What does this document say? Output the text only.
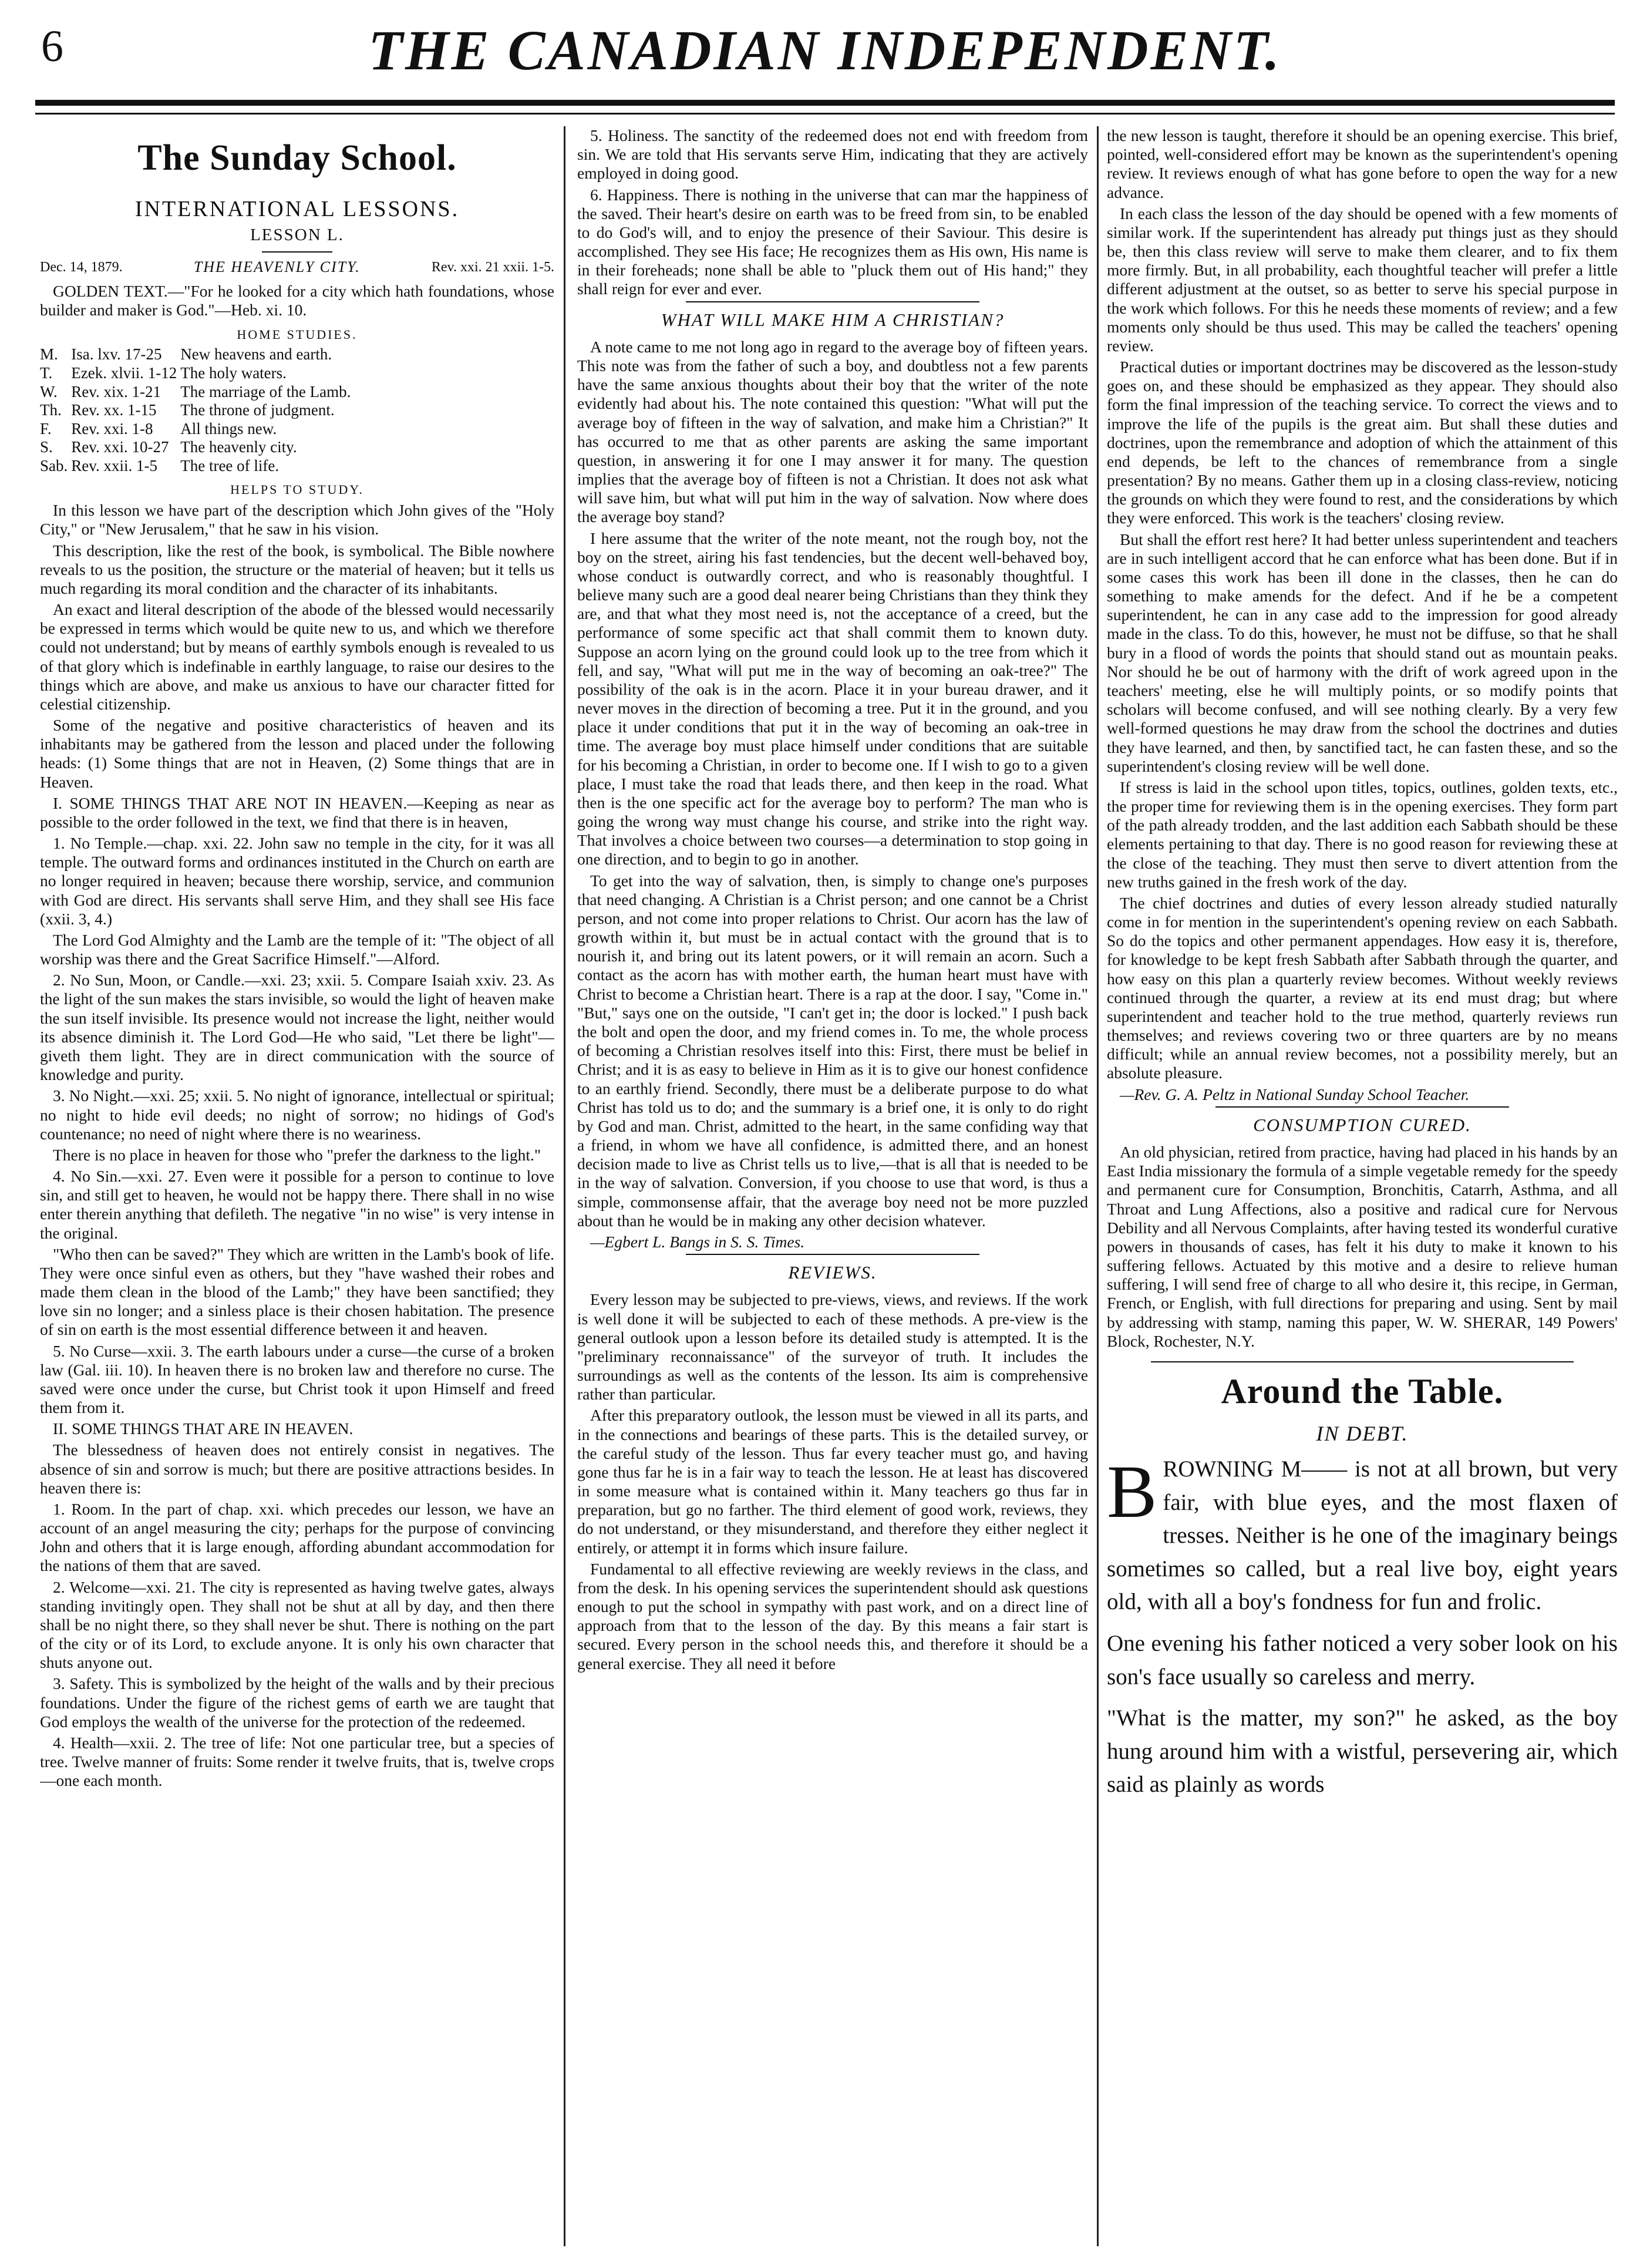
6	THE CANADIAN INDEPENDENT.
The Sunday School.
INTERNATIONAL LESSONS.
LESSON L.
Dec. 14, 1879.	THE HEAVENLY CITY.	Rev. xxi. 21 xxii. 1-5.

GOLDEN TEXT.—"For he looked for a city which hath foundations, whose builder and maker is God."—Heb. xi. 10.

HOME STUDIES.
M.	Isa. lxv. 17-25	New heavens and earth.
T.	Ezek. xlvii. 1-12	The holy waters.
W.	Rev. xix. 1-21	The marriage of the Lamb.
Th.	Rev. xx. 1-15	The throne of judgment.
F.	Rev. xxi. 1-8	All things new.
S.	Rev. xxi. 10-27	The heavenly city.
Sab.	Rev. xxii. 1-5	The tree of life.
HELPS TO STUDY.

In this lesson we have part of the description which John gives of the "Holy City," or "New Jerusalem," that he saw in his vision.

This description, like the rest of the book, is symbolical. The Bible nowhere reveals to us the position, the structure or the material of heaven; but it tells us much regarding its moral condition and the character of its inhabitants.

An exact and literal description of the abode of the blessed would necessarily be expressed in terms which would be quite new to us, and which we therefore could not understand; but by means of earthly symbols enough is revealed to us of that glory which is indefinable in earthly language, to raise our desires to the things which are above, and make us anxious to have our character fitted for celestial citizenship.

Some of the negative and positive characteristics of heaven and its inhabitants may be gathered from the lesson and placed under the following heads: (1) Some things that are not in Heaven, (2) Some things that are in Heaven.

I. SOME THINGS THAT ARE NOT IN HEAVEN.—Keeping as near as possible to the order followed in the text, we find that there is in heaven,

1. No Temple.—chap. xxi. 22. John saw no temple in the city, for it was all temple. The outward forms and ordinances instituted in the Church on earth are no longer required in heaven; because there worship, service, and communion with God are direct. His servants shall serve Him, and they shall see His face (xxii. 3, 4.)

The Lord God Almighty and the Lamb are the temple of it: "The object of all worship was there and the Great Sacrifice Himself."—Alford.

2. No Sun, Moon, or Candle.—xxi. 23; xxii. 5. Compare Isaiah xxiv. 23. As the light of the sun makes the stars invisible, so would the light of heaven make the sun itself invisible. Its presence would not increase the light, neither would its absence diminish it. The Lord God—He who said, "Let there be light"—giveth them light. They are in direct communication with the source of knowledge and purity.

3. No Night.—xxi. 25; xxii. 5. No night of ignorance, intellectual or spiritual; no night to hide evil deeds; no night of sorrow; no hidings of God's countenance; no need of night where there is no weariness.

There is no place in heaven for those who "prefer the darkness to the light."

4. No Sin.—xxi. 27. Even were it possible for a person to continue to love sin, and still get to heaven, he would not be happy there. There shall in no wise enter therein anything that defileth. The negative "in no wise" is very intense in the original.

"Who then can be saved?" They which are written in the Lamb's book of life. They were once sinful even as others, but they "have washed their robes and made them clean in the blood of the Lamb;" they have been sanctified; they love sin no longer; and a sinless place is their chosen habitation. The presence of sin on earth is the most essential difference between it and heaven.

5. No Curse—xxii. 3. The earth labours under a curse—the curse of a broken law (Gal. iii. 10). In heaven there is no broken law and therefore no curse. The saved were once under the curse, but Christ took it upon Himself and freed them from it.

II. SOME THINGS THAT ARE IN HEAVEN.

The blessedness of heaven does not entirely consist in negatives. The absence of sin and sorrow is much; but there are positive attractions besides. In heaven there is:

1. Room. In the part of chap. xxi. which precedes our lesson, we have an account of an angel measuring the city; perhaps for the purpose of convincing John and others that it is large enough, affording abundant accommodation for the nations of them that are saved.

2. Welcome—xxi. 21. The city is represented as having twelve gates, always standing invitingly open. They shall not be shut at all by day, and then there shall be no night there, so they shall never be shut. There is nothing on the part of the city or of its Lord, to exclude anyone. It is only his own character that shuts anyone out.

3. Safety. This is symbolized by the height of the walls and by their precious foundations. Under the figure of the richest gems of earth we are taught that God employs the wealth of the universe for the protection of the redeemed.

4. Health—xxii. 2. The tree of life: Not one particular tree, but a species of tree. Twelve manner of fruits: Some render it twelve fruits, that is, twelve crops—one each month.

5. Holiness. The sanctity of the redeemed does not end with freedom from sin. We are told that His servants serve Him, indicating that they are actively employed in doing good.

6. Happiness. There is nothing in the universe that can mar the happiness of the saved. Their heart's desire on earth was to be freed from sin, to be enabled to do God's will, and to enjoy the presence of their Saviour. This desire is accomplished. They see His face; He recognizes them as His own, His name is in their foreheads; none shall be able to "pluck them out of His hand;" they shall reign for ever and ever.

WHAT WILL MAKE HIM A CHRISTIAN?

A note came to me not long ago in regard to the average boy of fifteen years. This note was from the father of such a boy, and doubtless not a few parents have the same anxious thoughts about their boy that the writer of the note evidently had about his. The note contained this question: "What will put the average boy of fifteen in the way of salvation, and make him a Christian?" It has occurred to me that as other parents are asking the same important question, in answering it for one I may answer it for many. The question implies that the average boy of fifteen is not a Christian. It does not ask what will save him, but what will put him in the way of salvation. Now where does the average boy stand?

I here assume that the writer of the note meant, not the rough boy, not the boy on the street, airing his fast tendencies, but the decent well-behaved boy, whose conduct is outwardly correct, and who is reasonably thoughtful. I believe many such are a good deal nearer being Christians than they think they are, and that what they most need is, not the acceptance of a creed, but the performance of some specific act that shall commit them to known duty. Suppose an acorn lying on the ground could look up to the tree from which it fell, and say, "What will put me in the way of becoming an oak-tree?" The possibility of the oak is in the acorn. Place it in your bureau drawer, and it never moves in the direction of becoming a tree. Put it in the ground, and you place it under conditions that put it in the way of becoming an oak-tree in time. The average boy must place himself under conditions that are suitable for his becoming a Christian, in order to become one. If I wish to go to a given place, I must take the road that leads there, and then keep in the road. What then is the one specific act for the average boy to perform? The man who is going the wrong way must change his course, and strike into the right way. That involves a choice between two courses—a determination to stop going in one direction, and to begin to go in another.

To get into the way of salvation, then, is simply to change one's purposes that need changing. A Christian is a Christ person; and one cannot be a Christ person, and not come into proper relations to Christ. Our acorn has the law of growth within it, but must be in actual contact with the ground that is to nourish it, and bring out its latent powers, or it will remain an acorn. Such a contact as the acorn has with mother earth, the human heart must have with Christ to become a Christian heart. There is a rap at the door. I say, "Come in." "But," says one on the outside, "I can't get in; the door is locked." I push back the bolt and open the door, and my friend comes in. To me, the whole process of becoming a Christian resolves itself into this: First, there must be belief in Christ; and it is as easy to believe in Him as it is to give our honest confidence to an earthly friend. Secondly, there must be a deliberate purpose to do what Christ has told us to do; and the summary is a brief one, it is only to do right by God and man. Christ, admitted to the heart, in the same confiding way that a friend, in whom we have all confidence, is admitted there, and an honest decision made to live as Christ tells us to live,—that is all that is needed to be in the way of salvation. Conversion, if you choose to use that word, is thus a simple, commonsense affair, that the average boy need not be more puzzled about than he would be in making any other decision whatever.

—Egbert L. Bangs in S. S. Times.

REVIEWS.

Every lesson may be subjected to pre-views, views, and reviews. If the work is well done it will be subjected to each of these methods. A pre-view is the general outlook upon a lesson before its detailed study is attempted. It is the "preliminary reconnaissance" of the surveyor of truth. It includes the surroundings as well as the contents of the lesson. Its aim is comprehensive rather than particular.

After this preparatory outlook, the lesson must be viewed in all its parts, and in the connections and bearings of these parts. This is the detailed survey, or the careful study of the lesson. Thus far every teacher must go, and having gone thus far he is in a fair way to teach the lesson. He at least has discovered in some measure what is contained within it. Many teachers go thus far in preparation, but go no farther. The third element of good work, reviews, they do not understand, or they misunderstand, and therefore they either neglect it entirely, or attempt it in forms which insure failure.

Fundamental to all effective reviewing are weekly reviews in the class, and from the desk. In his opening services the superintendent should ask questions enough to put the school in sympathy with past work, and on a direct line of approach from that to the lesson of the day. By this means a fair start is secured. Every person in the school needs this, and therefore it should be a general exercise. They all need it before

the new lesson is taught, therefore it should be an opening exercise. This brief, pointed, well-considered effort may be known as the superintendent's opening review. It reviews enough of what has gone before to open the way for a new advance.

In each class the lesson of the day should be opened with a few moments of similar work. If the superintendent has already put things just as they should be, then this class review will serve to make them clearer, and to fix them more firmly. But, in all probability, each thoughtful teacher will prefer a little different adjustment at the outset, so as better to serve his special purpose in the work which follows. For this he needs these moments of review; and a few moments only should be thus used. This may be called the teachers' opening review.

Practical duties or important doctrines may be discovered as the lesson-study goes on, and these should be emphasized as they appear. They should also form the final impression of the teaching service. To correct the views and to improve the life of the pupils is the great aim. But shall these duties and doctrines, upon the remembrance and adoption of which the attainment of this end depends, be left to the chances of remembrance from a single presentation? By no means. Gather them up in a closing class-review, noticing the grounds on which they were found to rest, and the considerations by which they were enforced. This work is the teachers' closing review.

But shall the effort rest here? It had better unless superintendent and teachers are in such intelligent accord that he can enforce what has been done. But if in some cases this work has been ill done in the classes, then he can do something to make amends for the defect. And if he be a competent superintendent, he can in any case add to the impression for good already made in the class. To do this, however, he must not be diffuse, so that he shall bury in a flood of words the points that should stand out as mountain peaks. Nor should he be out of harmony with the drift of work agreed upon in the teachers' meeting, else he will multiply points, or so modify points that scholars will become confused, and will see nothing clearly. By a very few well-formed questions he may draw from the school the doctrines and duties they have learned, and then, by sanctified tact, he can fasten these, and so the superintendent's closing review will be well done.

If stress is laid in the school upon titles, topics, outlines, golden texts, etc., the proper time for reviewing them is in the opening exercises. They form part of the path already trodden, and the last addition each Sabbath should be these elements pertaining to that day. There is no good reason for reviewing these at the close of the teaching. They must then serve to divert attention from the new truths gained in the fresh work of the day.

The chief doctrines and duties of every lesson already studied naturally come in for mention in the superintendent's opening review on each Sabbath. So do the topics and other permanent appendages. How easy it is, therefore, for knowledge to be kept fresh Sabbath after Sabbath through the quarter, and how easy on this plan a quarterly review becomes. Without weekly reviews continued through the quarter, a review at its end must drag; but where superintendent and teacher hold to the true method, quarterly reviews run themselves; and reviews covering two or three quarters are by no means difficult; while an annual review becomes, not a possibility merely, but an absolute pleasure.

—Rev. G. A. Peltz in National Sunday School Teacher.

CONSUMPTION CURED.

An old physician, retired from practice, having had placed in his hands by an East India missionary the formula of a simple vegetable remedy for the speedy and permanent cure for Consumption, Bronchitis, Catarrh, Asthma, and all Throat and Lung Affections, also a positive and radical cure for Nervous Debility and all Nervous Complaints, after having tested its wonderful curative powers in thousands of cases, has felt it his duty to make it known to his suffering fellows. Actuated by this motive and a desire to relieve human suffering, I will send free of charge to all who desire it, this recipe, in German, French, or English, with full directions for preparing and using. Sent by mail by addressing with stamp, naming this paper, W. W. SHERAR, 149 Powers' Block, Rochester, N.Y.

Around the Table.
IN DEBT.

BROWNING M—— is not at all brown, but very fair, with blue eyes, and the most flaxen of tresses. Neither is he one of the imaginary beings sometimes so called, but a real live boy, eight years old, with all a boy's fondness for fun and frolic.

One evening his father noticed a very sober look on his son's face usually so careless and merry.

"What is the matter, my son?" he asked, as the boy hung around him with a wistful, persevering air, which said as plainly as words
